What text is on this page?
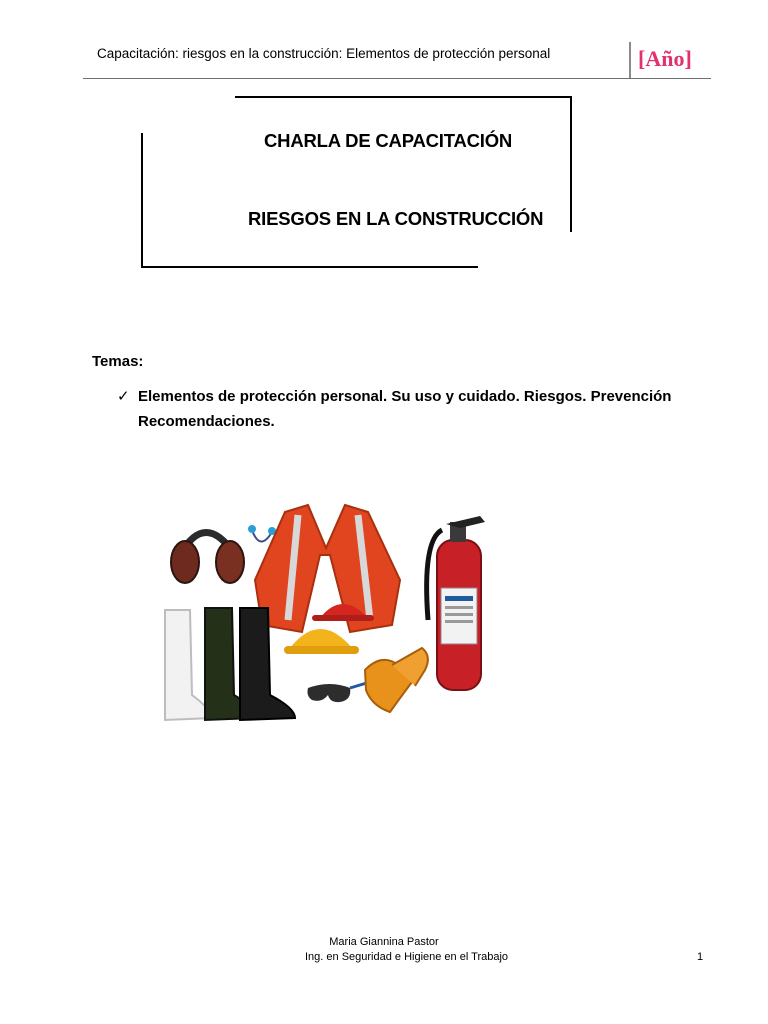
Capacitación: riesgos en la construcción: Elementos de protección personal	[Año]
CHARLA DE CAPACITACIÓN
RIESGOS EN LA CONSTRUCCIÓN
Temas:
✓ Elementos de protección personal. Su uso y cuidado. Riesgos. Prevención
Recomendaciones.
Maria Giannina Pastor
Ing. en Seguridad e Higiene en el Trabajo	1
